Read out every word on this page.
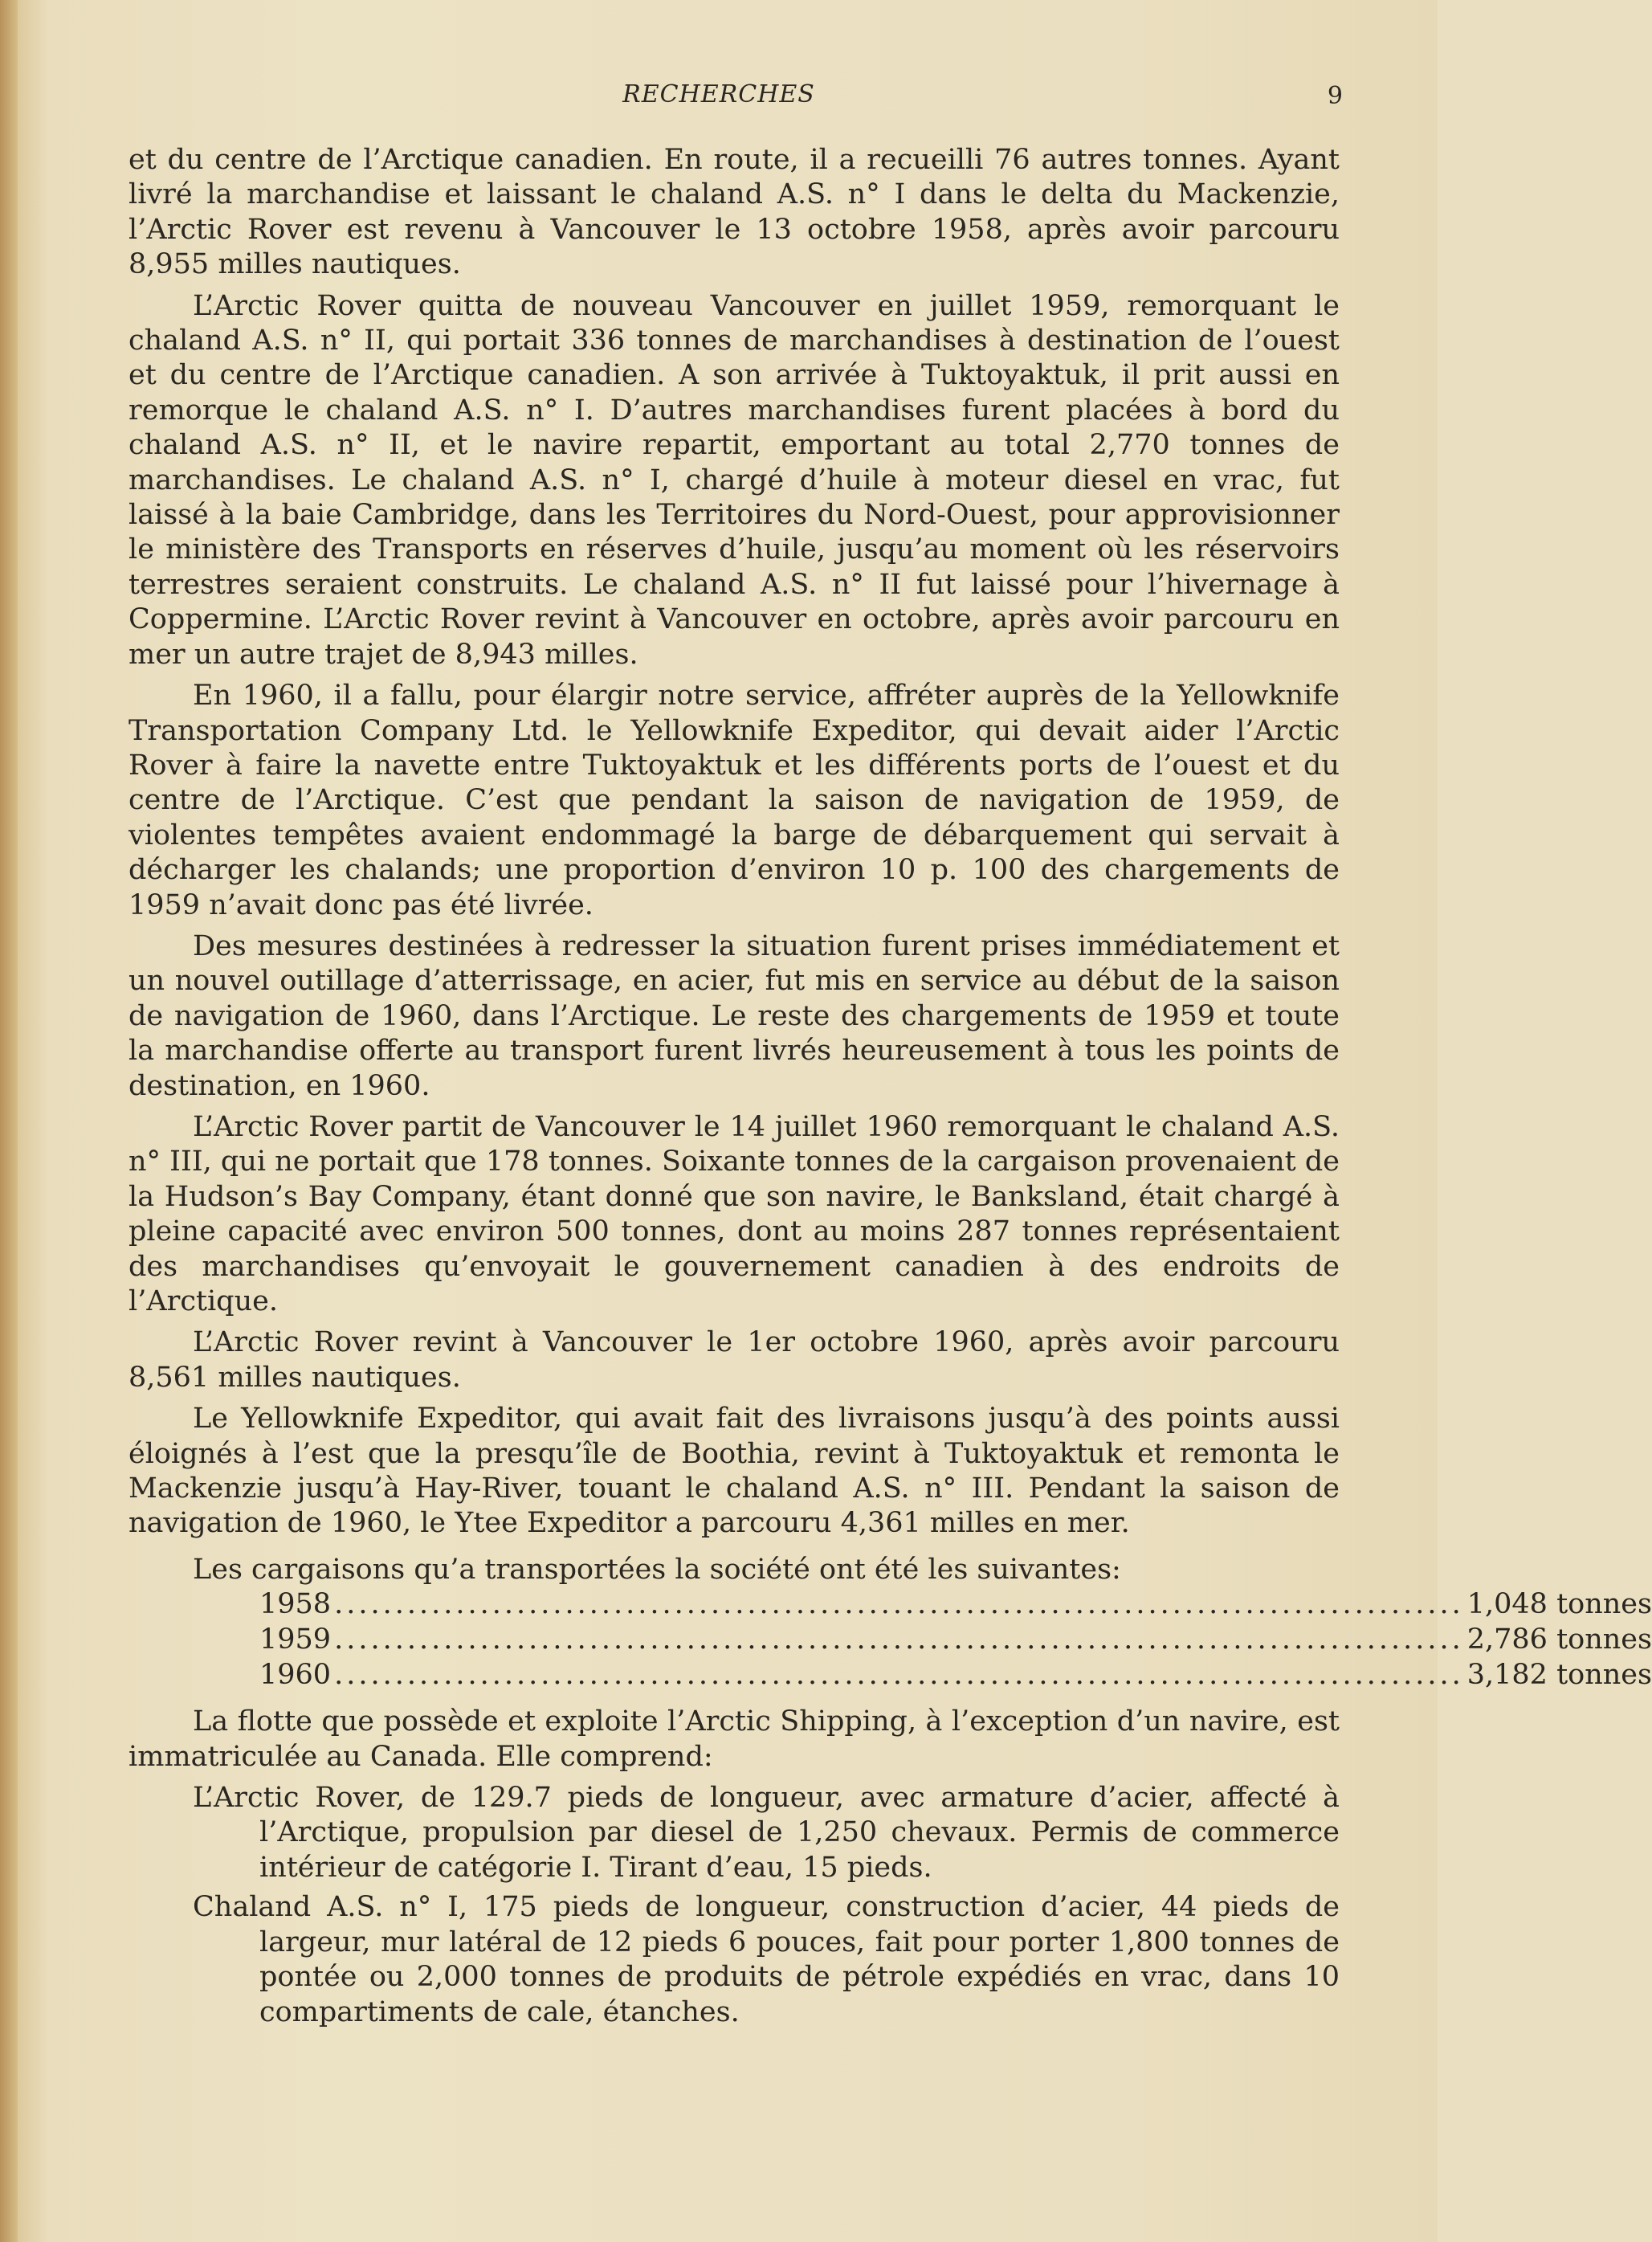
RECHERCHES	9

et du centre de l’Arctique canadien. En route, il a recueilli 76 autres tonnes. Ayant livré la marchandise et laissant le chaland A.S. n° I dans le delta du Mackenzie, l’Arctic Rover est revenu à Vancouver le 13 octobre 1958, après avoir parcouru 8,955 milles nautiques.

L’Arctic Rover quitta de nouveau Vancouver en juillet 1959, remorquant le chaland A.S. n° II, qui portait 336 tonnes de marchandises à destination de l’ouest et du centre de l’Arctique canadien. A son arrivée à Tuktoyaktuk, il prit aussi en remorque le chaland A.S. n° I. D’autres marchandises furent placées à bord du chaland A.S. n° II, et le navire repartit, emportant au total 2,770 tonnes de marchandises. Le chaland A.S. n° I, chargé d’huile à moteur diesel en vrac, fut laissé à la baie Cambridge, dans les Territoires du Nord-Ouest, pour approvisionner le ministère des Transports en réserves d’huile, jusqu’au moment où les réservoirs terrestres seraient construits. Le chaland A.S. n° II fut laissé pour l’hivernage à Coppermine. L’Arctic Rover revint à Vancouver en octobre, après avoir parcouru en mer un autre trajet de 8,943 milles.

En 1960, il a fallu, pour élargir notre service, affréter auprès de la Yellowknife Transportation Company Ltd. le Yellowknife Expeditor, qui devait aider l’Arctic Rover à faire la navette entre Tuktoyaktuk et les différents ports de l’ouest et du centre de l’Arctique. C’est que pendant la saison de navigation de 1959, de violentes tempêtes avaient endommagé la barge de débarquement qui servait à décharger les chalands; une proportion d’environ 10 p. 100 des chargements de 1959 n’avait donc pas été livrée.

Des mesures destinées à redresser la situation furent prises immédiatement et un nouvel outillage d’atterrissage, en acier, fut mis en service au début de la saison de navigation de 1960, dans l’Arctique. Le reste des chargements de 1959 et toute la marchandise offerte au transport furent livrés heureusement à tous les points de destination, en 1960.

L’Arctic Rover partit de Vancouver le 14 juillet 1960 remorquant le chaland A.S. n° III, qui ne portait que 178 tonnes. Soixante tonnes de la cargaison provenaient de la Hudson’s Bay Company, étant donné que son navire, le Banksland, était chargé à pleine capacité avec environ 500 tonnes, dont au moins 287 tonnes représentaient des marchandises qu’envoyait le gouvernement canadien à des endroits de l’Arctique.

L’Arctic Rover revint à Vancouver le 1er octobre 1960, après avoir parcouru 8,561 milles nautiques.

Le Yellowknife Expeditor, qui avait fait des livraisons jusqu’à des points aussi éloignés à l’est que la presqu’île de Boothia, revint à Tuktoyaktuk et remonta le Mackenzie jusqu’à Hay-River, touant le chaland A.S. n° III. Pendant la saison de navigation de 1960, le Ytee Expeditor a parcouru 4,361 milles en mer.

Les cargaisons qu’a transportées la société ont été les suivantes:

1958 ............................................................................................. 1,048 tonnes
1959 ............................................................................................. 2,786 tonnes
1960 ............................................................................................. 3,182 tonnes

La flotte que possède et exploite l’Arctic Shipping, à l’exception d’un navire, est immatriculée au Canada. Elle comprend:

L’Arctic Rover, de 129.7 pieds de longueur, avec armature d’acier, affecté à l’Arctique, propulsion par diesel de 1,250 chevaux. Permis de commerce intérieur de catégorie I. Tirant d’eau, 15 pieds.

Chaland A.S. n° I, 175 pieds de longueur, construction d’acier, 44 pieds de largeur, mur latéral de 12 pieds 6 pouces, fait pour porter 1,800 tonnes de pontée ou 2,000 tonnes de produits de pétrole expédiés en vrac, dans 10 compartiments de cale, étanches.
